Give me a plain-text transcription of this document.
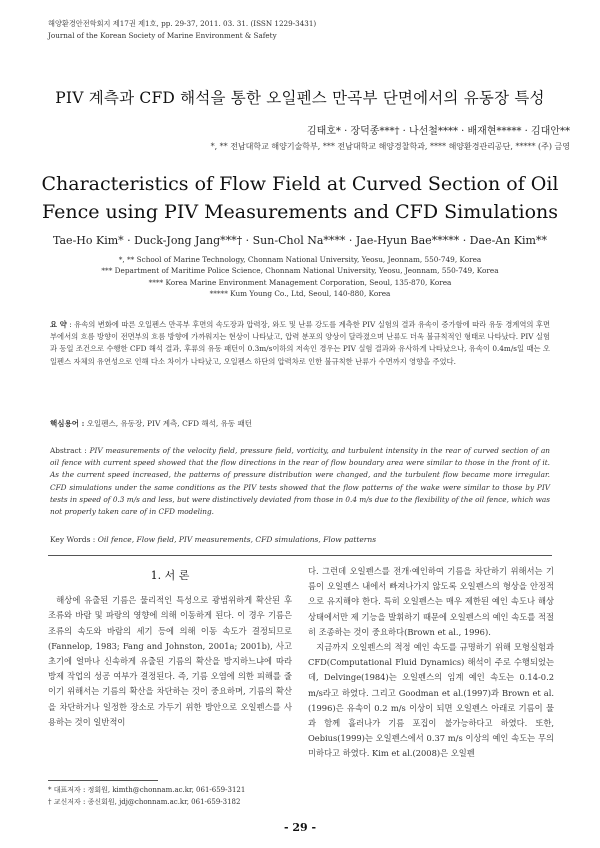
해양환경안전학회지 제17권 제1호, pp. 29-37, 2011. 03. 31. (ISSN 1229-3431)
Journal of the Korean Society of Marine Environment & Safety
PIV 계측과 CFD 해석을 통한 오일펜스 만곡부 단면에서의 유동장 특성
김태호* · 장덕종***† · 나선철**** · 배재현***** · 김대안**
*, ** 전남대학교 해양기술학부, *** 전남대학교 해양경찰학과, **** 해양환경관리공단, ***** (주) 금영
Characteristics of Flow Field at Curved Section of Oil Fence using PIV Measurements and CFD Simulations
Tae-Ho Kim* · Duck-Jong Jang***† · Sun-Chol Na**** · Jae-Hyun Bae***** · Dae-An Kim**
*, ** School of Marine Technology, Chonnam National University, Yeosu, Jeonnam, 550-749, Korea
*** Department of Maritime Police Science, Chonnam National University, Yeosu, Jeonnam, 550-749, Korea
**** Korea Marine Environment Management Corporation, Seoul, 135-870, Korea
***** Kum Young Co., Ltd, Seoul, 140-880, Korea
요 약 : 유속의 변화에 따른 오일펜스 만곡부 후면의 속도장과 압력장, 와도 및 난류 강도를 계측한 PIV 실험의 결과 유속이 증가함에 따라 유동 경계역의 후면부에서의 흐름 방향이 전면부의 흐름 방향에 가까워지는 현상이 나타났고, 압력 분포의 양상이 달라졌으며 난류도 더욱 불규칙적인 형태로 나타났다. PIV 실험과 동일 조건으로 수행한 CFD 해석 결과, 후류의 유동 패턴이 0.3m/s이하의 저속인 경우는 PIV 실험 결과와 유사하게 나타났으나, 유속이 0.4m/s일 때는 오일펜스 자체의 유연성으로 인해 다소 차이가 나타났고, 오일펜스 하단의 압력차로 인한 불규칙한 난류가 수면까지 영향을 주었다.
핵심용어 : 오일펜스, 유동장, PIV 계측, CFD 해석, 유동 패턴
Abstract : PIV measurements of the velocity field, pressure field, vorticity, and turbulent intensity in the rear of curved section of an oil fence with current speed showed that the flow directions in the rear of flow boundary area were similar to those in the front of it. As the current speed increased, the patterns of pressure distribution were changed, and the turbulent flow became more irregular. CFD simulations under the same conditions as the PIV tests showed that the flow patterns of the wake were similar to those by PIV tests in speed of 0.3 m/s and less, but were distinctively deviated from those in 0.4 m/s due to the flexibility of the oil fence, which was not properly taken care of in CFD modeling.
Key Words : Oil fence, Flow field, PIV measurements, CFD simulations, Flow patterns
1. 서 론
해상에 유출된 기름은 물리적인 특성으로 광범위하게 확산된 후 조류와 바람 및 파랑의 영향에 의해 이동하게 된다. 이 경우 기름은 조류의 속도와 바람의 세기 등에 의해 이동 속도가 결정되므로(Fannelop, 1983; Fang and Johnston, 2001a; 2001b), 사고 초기에 얼마나 신속하게 유출된 기름의 확산을 방지하느냐에 따라 방제 작업의 성공 여부가 결정된다. 즉, 기름 오염에 의한 피해를 줄이기 위해서는 기름의 확산을 차단하는 것이 중요하며, 기름의 확산을 차단하거나 일정한 장소로 가두기 위한 방안으로 오일펜스를 사용하는 것이 일반적이
다. 그런데 오일펜스를 전개·예인하여 기름을 차단하기 위해서는 기름이 오일펜스 내에서 빠져나가지 않도록 오일펜스의 형상을 안정적으로 유지해야 한다. 특히 오일펜스는 매우 제한된 예인 속도나 해상 상태에서만 제 기능을 발휘하기 때문에 오일펜스의 예인 속도를 적절히 조종하는 것이 중요하다(Brown et al., 1996).
지금까지 오일펜스의 적정 예인 속도를 규명하기 위해 모형실험과 CFD(Computational Fluid Dynamics) 해석이 주로 수행되었는데, Delvinge(1984)는 오일펜스의 임계 예인 속도는 0.14-0.2 m/s라고 하였다. 그리고 Goodman et al.(1997)과 Brown et al.(1996)은 유속이 0.2 m/s 이상이 되면 오일펜스 아래로 기름이 물과 함께 흘러나가 기름 포집이 불가능하다고 하였다. 또한, Oebius(1999)는 오일펜스에서 0.37 m/s 이상의 예인 속도는 무의미하다고 하였다. Kim et al.(2008)은 오일펜
* 대표저자 : 정회원, kimth@chonnam.ac.kr, 061-659-3121
† 교신저자 : 종신회원, jdj@chonnam.ac.kr, 061-659-3182
- 29 -
